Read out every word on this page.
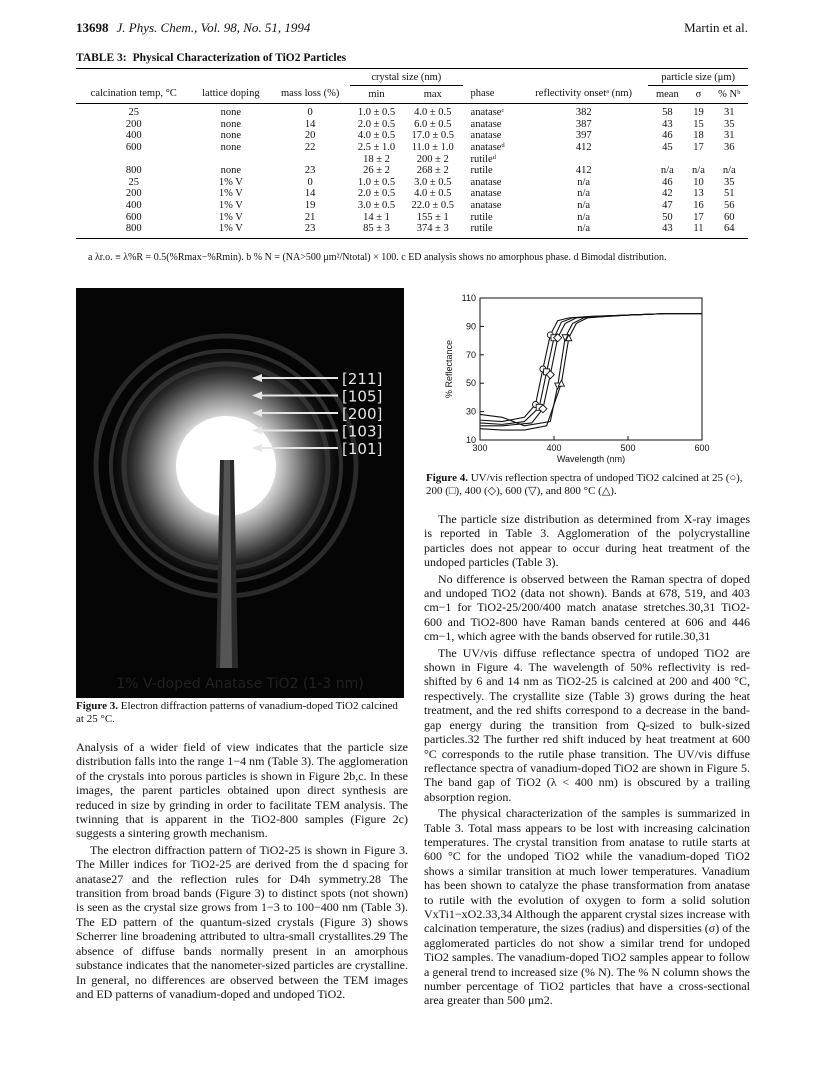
13698 J. Phys. Chem., Vol. 98, No. 51, 1994	Martin et al.
TABLE 3: Physical Characterization of TiO2 Particles
			crystal size (nm)				particle size (μm)		
calcination temp, °C	lattice doping	mass loss (%)	min	max	phase	reflectivity onsetᵃ (nm)	mean	σ	% Nᵇ
25	none	0	1.0 ± 0.5	4.0 ± 0.5	anataseᶜ	382	58	19	31
200	none	14	2.0 ± 0.5	6.0 ± 0.5	anatase	387	43	15	35
400	none	20	4.0 ± 0.5	17.0 ± 0.5	anatase	397	46	18	31
600	none	22	2.5 ± 1.0	11.0 ± 1.0	anataseᵈ	412	45	17	36
			18 ± 2	200 ± 2	rutileᵈ				
800	none	23	26 ± 2	268 ± 2	rutile	412	n/a	n/a	n/a
25	1% V	0	1.0 ± 0.5	3.0 ± 0.5	anatase	n/a	46	10	35
200	1% V	14	2.0 ± 0.5	4.0 ± 0.5	anatase	n/a	42	13	51
400	1% V	19	3.0 ± 0.5	22.0 ± 0.5	anatase	n/a	47	16	56
600	1% V	21	14 ± 1	155 ± 1	rutile	n/a	50	17	60
800	1% V	23	85 ± 3	374 ± 3	rutile	n/a	43	11	64
a λr.o. ≡ λ%R = 0.5(%Rmax−%Rmin). b % N = (NA>500 μm²/Ntotal) × 100. c ED analysis shows no amorphous phase. d Bimodal distribution.
[211]
[105]
[200]
[103]
[101]
1% V-doped Anatase TiO2 (1-3 nm)
Figure 3. Electron diffraction patterns of vanadium-doped TiO2 calcined at 25 °C.
300	400	500	600
10
30
50
70
90
110
Wavelength (nm)
% Reflectance
Figure 4. UV/vis reflection spectra of undoped TiO2 calcined at 25 (○), 200 (□), 400 (◇), 600 (▽), and 800 °C (△).

Analysis of a wider field of view indicates that the particle size distribution falls into the range 1−4 nm (Table 3). The agglomeration of the crystals into porous particles is shown in Figure 2b,c. In these images, the parent particles obtained upon direct synthesis are reduced in size by grinding in order to facilitate TEM analysis. The twinning that is apparent in the TiO2-800 samples (Figure 2c) suggests a sintering growth mechanism.

The electron diffraction pattern of TiO2-25 is shown in Figure 3. The Miller indices for TiO2-25 are derived from the d spacing for anatase27 and the reflection rules for D4h symmetry.28 The transition from broad bands (Figure 3) to distinct spots (not shown) is seen as the crystal size grows from 1−3 to 100−400 nm (Table 3). The ED pattern of the quantum-sized crystals (Figure 3) shows Scherrer line broadening attributed to ultra-small crystallites.29 The absence of diffuse bands normally present in an amorphous substance indicates that the nanometer-sized particles are crystalline. In general, no differences are observed between the TEM images and ED patterns of vanadium-doped and undoped TiO2.

The particle size distribution as determined from X-ray images is reported in Table 3. Agglomeration of the polycrystalline particles does not appear to occur during heat treatment of the undoped particles (Table 3).

No difference is observed between the Raman spectra of doped and undoped TiO2 (data not shown). Bands at 678, 519, and 403 cm−1 for TiO2-25/200/400 match anatase stretches.30,31 TiO2-600 and TiO2-800 have Raman bands centered at 606 and 446 cm−1, which agree with the bands observed for rutile.30,31

The UV/vis diffuse reflectance spectra of undoped TiO2 are shown in Figure 4. The wavelength of 50% reflectivity is red-shifted by 6 and 14 nm as TiO2-25 is calcined at 200 and 400 °C, respectively. The crystallite size (Table 3) grows during the heat treatment, and the red shifts correspond to a decrease in the band-gap energy during the transition from Q-sized to bulk-sized particles.32 The further red shift induced by heat treatment at 600 °C corresponds to the rutile phase transition. The UV/vis diffuse reflectance spectra of vanadium-doped TiO2 are shown in Figure 5. The band gap of TiO2 (λ < 400 nm) is obscured by a trailing absorption region.

The physical characterization of the samples is summarized in Table 3. Total mass appears to be lost with increasing calcination temperatures. The crystal transition from anatase to rutile starts at 600 °C for the undoped TiO2 while the vanadium-doped TiO2 shows a similar transition at much lower temperatures. Vanadium has been shown to catalyze the phase transformation from anatase to rutile with the evolution of oxygen to form a solid solution VxTi1−xO2.33,34 Although the apparent crystal sizes increase with calcination temperature, the sizes (radius) and dispersities (σ) of the agglomerated particles do not show a similar trend for undoped TiO2 samples. The vanadium-doped TiO2 samples appear to follow a general trend to increased size (% N). The % N column shows the number percentage of TiO2 particles that have a cross-sectional area greater than 500 μm2.
